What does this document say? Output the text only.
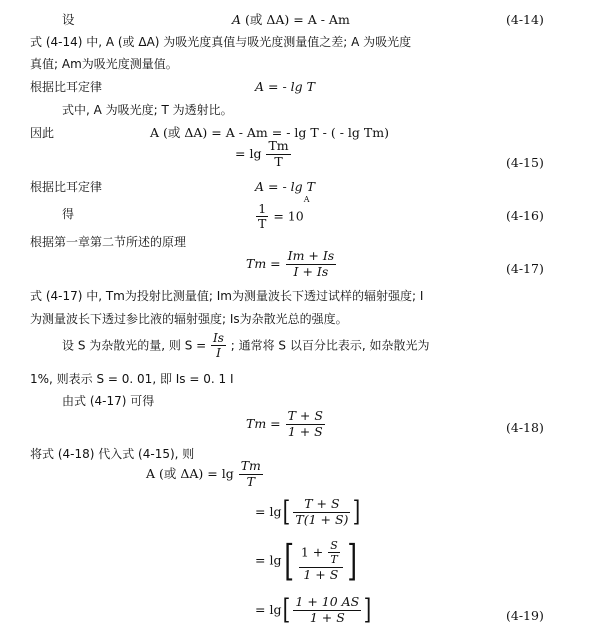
设	A (或 ΔA) = A - Am	(4-14)
式 (4-14) 中, A (或 ΔA) 为吸光度真值与吸光度测量值之差; A 为吸光度
真值; Am为吸光度测量值。
根据比耳定律	A = - lg T
式中, A 为吸光度; T 为透射比。
因此	A (或 ΔA) = A - Am = - lg T - ( - lg Tm)
= $\lg \frac{Tm}{T}$	(4-15)
根据比耳定律	A = - lg T
得	$\frac{1}{T} = 10^A$
(4-16)
根据第一章第二节所述的原理
$Tm = \frac{Im + Is}{I + Is}$	(4-17)
式 (4-17) 中, Tm为投射比测量值; Im为测量波长下透过试样的辐射强度; I
为测量波长下透过参比液的辐射强度; Is为杂散光总的强度。
设 S 为杂散光的量, 则 $S = \frac{Is}{I}$ ; 通常将 S 以百分比表示, 如杂散光为
1%, 则表示 S = 0. 01, 即 Is = 0. 1 I
由式 (4-17) 可得
$Tm = \frac{T + S}{1 + S}$	(4-18)
将式 (4-18) 代入式 (4-15), 则
A (或 $\Delta A) = \lg \frac{Tm}{T}$
= $\lg[ \frac{T + S}{T(1 + S)}$ ]
= $\lg[ \frac{1 + \frac{S}{T}}{1 + S}$ ]
= $\lg[ \frac{1 + 10 AS}{1 + S}$ ]	(4-19)
